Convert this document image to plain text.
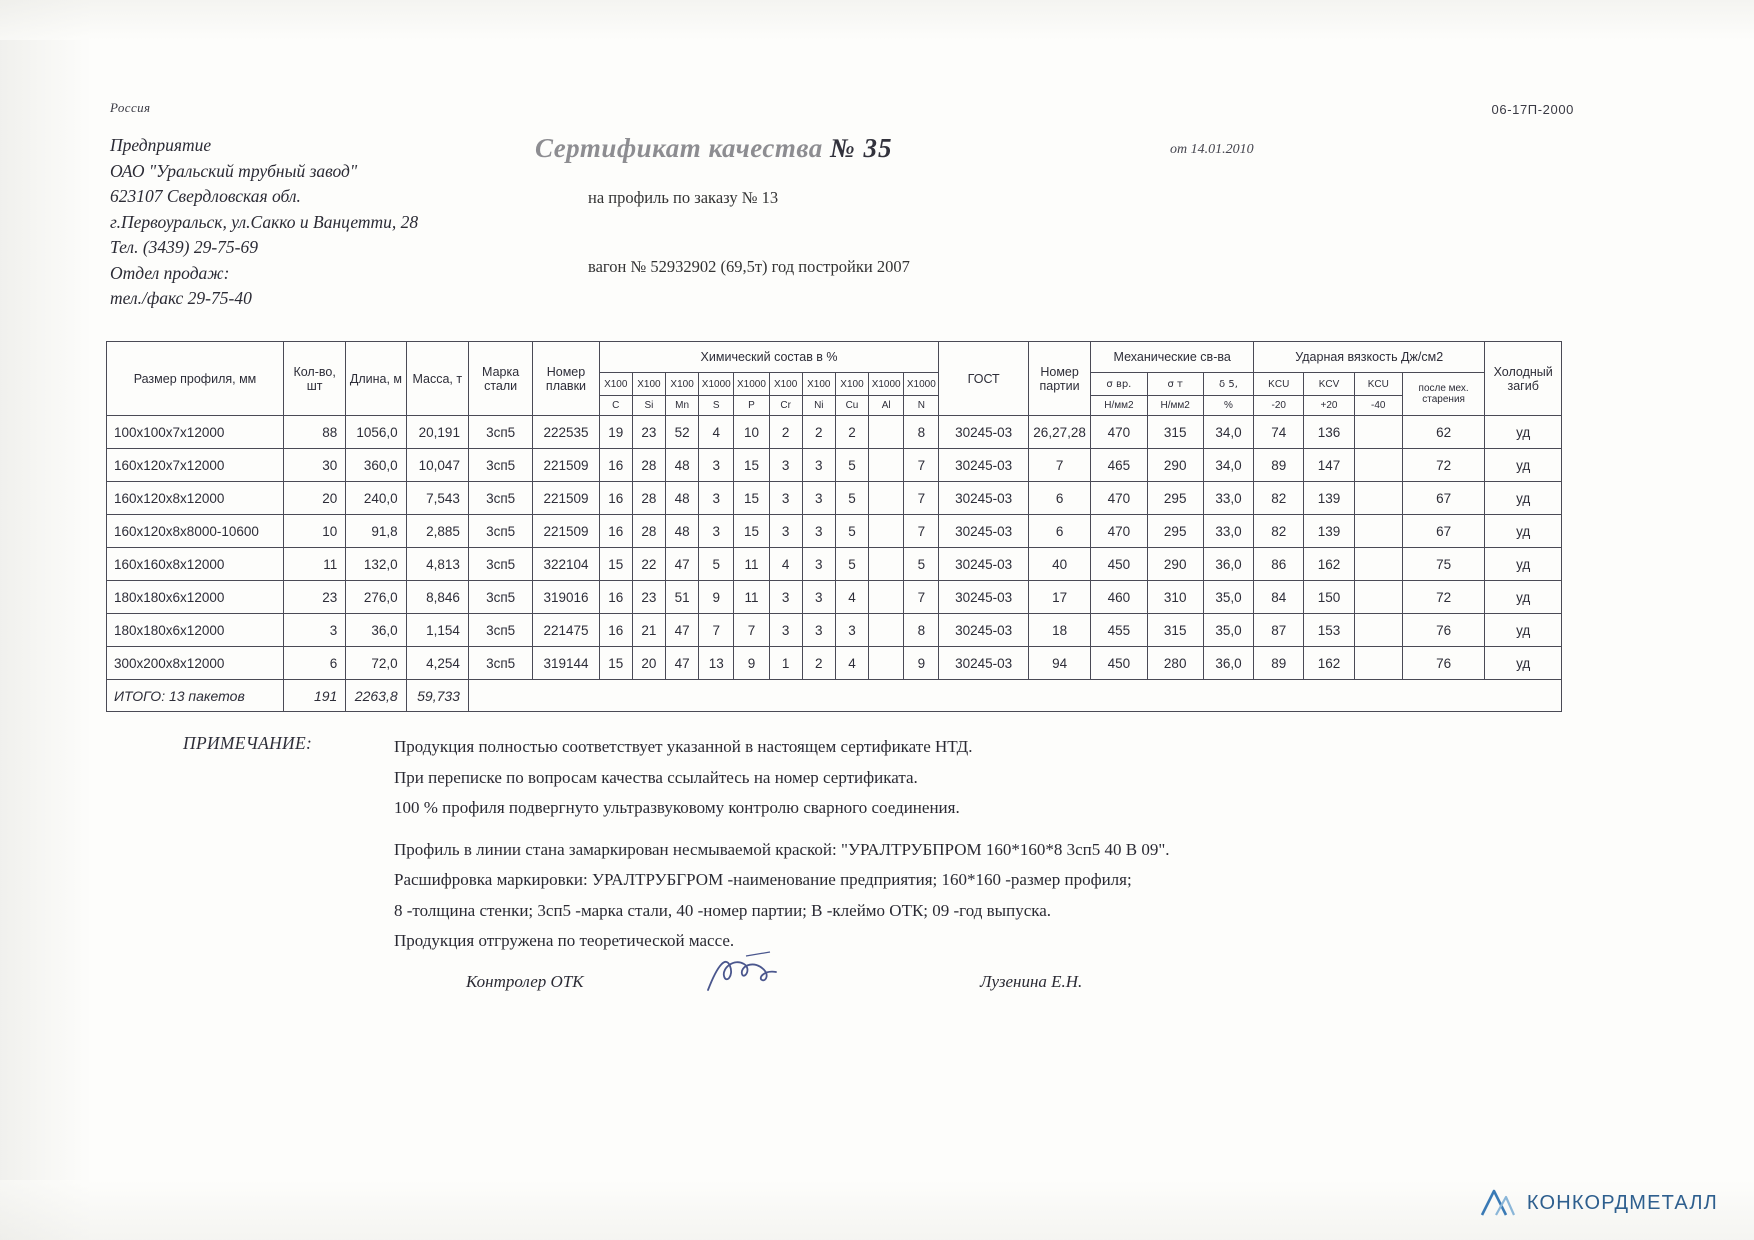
Россия	06-17П-2000
Предприятие
ОАО "Уральский трубный завод"
623107 Свердловская обл.
г.Первоуральск, ул.Сакко и Ванцетти, 28
Тел. (3439) 29-75-69
Отдел продаж:
тел./факс 29-75-40
Сертификат качества № 35	от 14.01.2010
на профиль по заказу № 13
вагон № 52932902 (69,5т) год постройки 2007
Размер профиля, мм	Кол-во, шт	Длина, м	Масса, т	Марка стали	Номер плавки	Химический состав в %										ГОСТ	Номер партии	Механические св-ва			Ударная вязкость Дж/см2				Холодный загиб
						X100	X100	X100	X1000	X1000	X100	X100	X100	X1000	X1000			σ вр.	σ т	δ 5,	KCU	KCV	KCU	после мех. старения	
						C	Si	Mn	S	P	Cr	Ni	Cu	Al	N			Н/мм2	Н/мм2	%	-20	+20	-40		
100х100х7х12000	88	1056,0	20,191	3сп5	222535	19	23	52	4	10	2	2	2		8	30245-03	26,27,28	470	315	34,0	74	136		62	уд
160х120х7х12000	30	360,0	10,047	3сп5	221509	16	28	48	3	15	3	3	5		7	30245-03	7	465	290	34,0	89	147		72	уд
160х120х8х12000	20	240,0	7,543	3сп5	221509	16	28	48	3	15	3	3	5		7	30245-03	6	470	295	33,0	82	139		67	уд
160х120х8х8000-10600	10	91,8	2,885	3сп5	221509	16	28	48	3	15	3	3	5		7	30245-03	6	470	295	33,0	82	139		67	уд
160х160х8х12000	11	132,0	4,813	3сп5	322104	15	22	47	5	11	4	3	5		5	30245-03	40	450	290	36,0	86	162		75	уд
180х180х6х12000	23	276,0	8,846	3сп5	319016	16	23	51	9	11	3	3	4		7	30245-03	17	460	310	35,0	84	150		72	уд
180х180х6х12000	3	36,0	1,154	3сп5	221475	16	21	47	7	7	3	3	3		8	30245-03	18	455	315	35,0	87	153		76	уд
300х200х8х12000	6	72,0	4,254	3сп5	319144	15	20	47	13	9	1	2	4		9	30245-03	94	450	280	36,0	89	162		76	уд
ИТОГО: 13 пакетов	191	2263,8	59,733																						
ПРИМЕЧАНИЕ:	Продукция полностью соответствует указанной в настоящем сертификате НТД.
При переписке по вопросам качества ссылайтесь на номер сертификата.
100 % профиля подвергнуто ультразвуковому контролю сварного соединения.
Профиль в линии стана замаркирован несмываемой краской: "УРАЛТРУБПРОМ 160*160*8 3сп5 40 В 09".
Расшифровка маркировки: УРАЛТРУБГРОМ -наименование предприятия; 160*160 -размер профиля;
8 -толщина стенки; 3сп5 -марка стали, 40 -номер партии; В -клеймо ОТК; 09 -год выпуска.
Продукция отгружена по теоретической массе.
Контролер ОТК	Лузенина Е.Н.
КОНКОРДМЕТАЛЛ
